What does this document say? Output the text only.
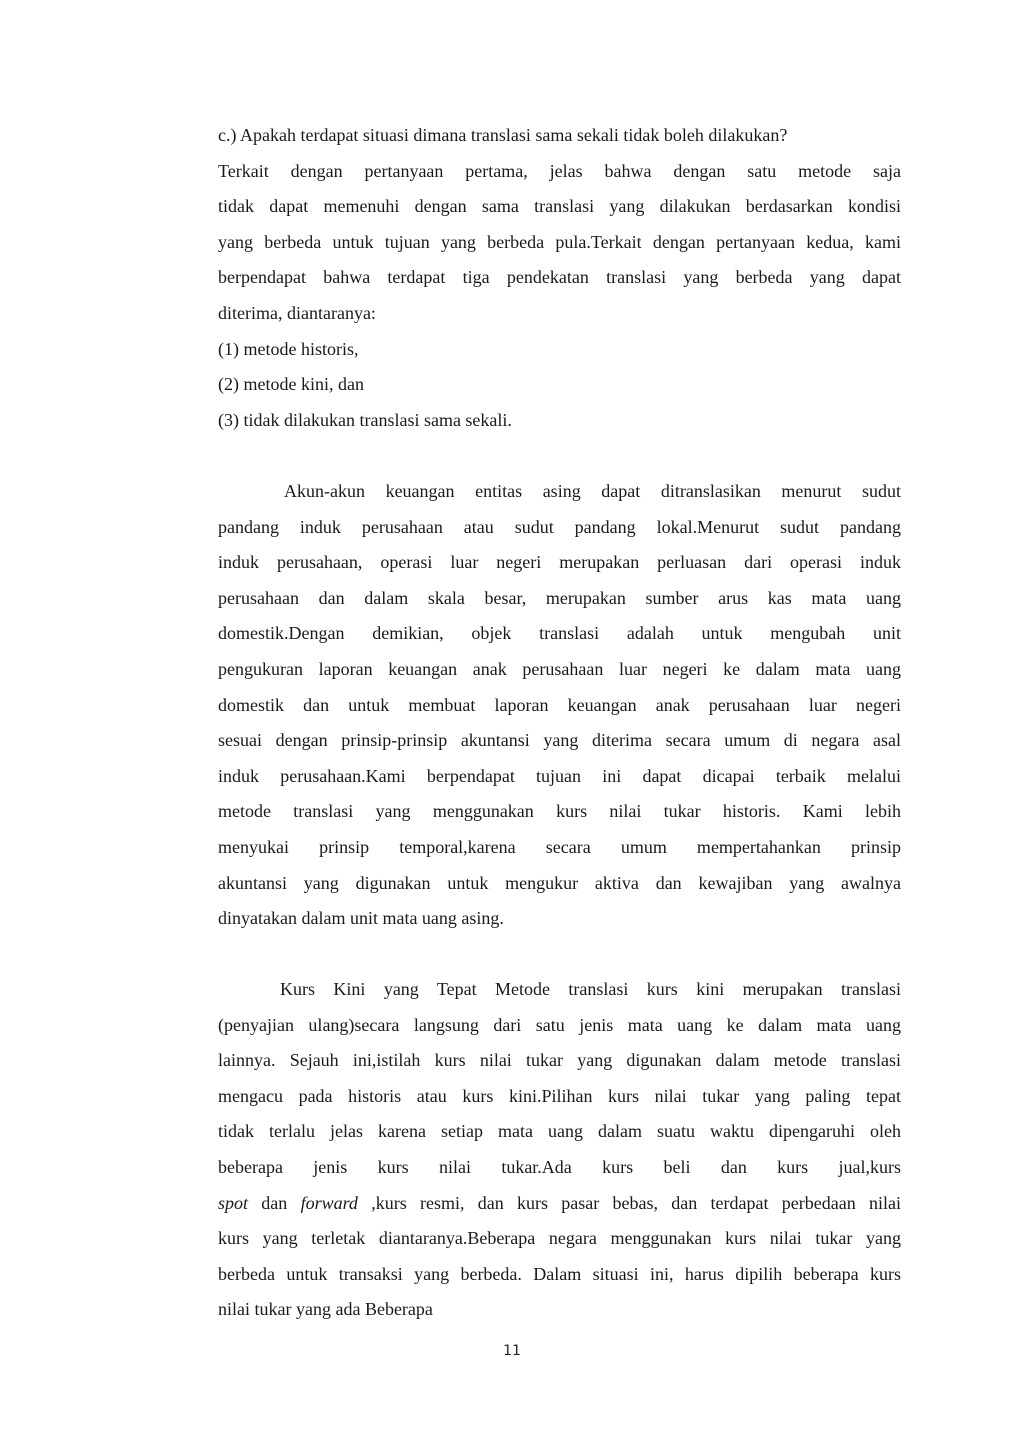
c.) Apakah terdapat situasi dimana translasi sama sekali tidak boleh dilakukan?
Terkait dengan pertanyaan pertama, jelas bahwa dengan satu metode saja
tidak dapat memenuhi dengan sama translasi yang dilakukan berdasarkan kondisi
yang berbeda untuk tujuan yang berbeda pula.Terkait dengan pertanyaan kedua, kami
berpendapat bahwa terdapat tiga pendekatan translasi yang berbeda yang dapat
diterima, diantaranya:
(1) metode historis,
(2) metode kini, dan
(3) tidak dilakukan translasi sama sekali.
Akun-akun keuangan entitas asing dapat ditranslasikan menurut sudut
pandang induk perusahaan atau sudut pandang lokal.Menurut sudut pandang
induk perusahaan, operasi luar negeri merupakan perluasan dari operasi induk
perusahaan dan dalam skala besar, merupakan sumber arus kas mata uang
domestik.Dengan demikian, objek translasi adalah untuk mengubah unit
pengukuran laporan keuangan anak perusahaan luar negeri ke dalam mata uang
domestik dan untuk membuat laporan keuangan anak perusahaan luar negeri
sesuai dengan prinsip-prinsip akuntansi yang diterima secara umum di negara asal
induk perusahaan.Kami berpendapat tujuan ini dapat dicapai terbaik melalui
metode translasi yang menggunakan kurs nilai tukar historis. Kami lebih
menyukai prinsip temporal,karena secara umum mempertahankan prinsip
akuntansi yang digunakan untuk mengukur aktiva dan kewajiban yang awalnya
dinyatakan dalam unit mata uang asing.
Kurs Kini yang Tepat Metode translasi kurs kini merupakan translasi
(penyajian ulang)secara langsung dari satu jenis mata uang ke dalam mata uang
lainnya. Sejauh ini,istilah kurs nilai tukar yang digunakan dalam metode translasi
mengacu pada historis atau kurs kini.Pilihan kurs nilai tukar yang paling tepat
tidak terlalu jelas karena setiap mata uang dalam suatu waktu dipengaruhi oleh
beberapa jenis kurs nilai tukar.Ada kurs beli dan kurs jual,kurs
spot dan forward ,kurs resmi, dan kurs pasar bebas, dan terdapat perbedaan nilai
kurs yang terletak diantaranya.Beberapa negara menggunakan kurs nilai tukar yang
berbeda untuk transaksi yang berbeda. Dalam situasi ini, harus dipilih beberapa kurs
nilai tukar yang ada Beberapa
11
